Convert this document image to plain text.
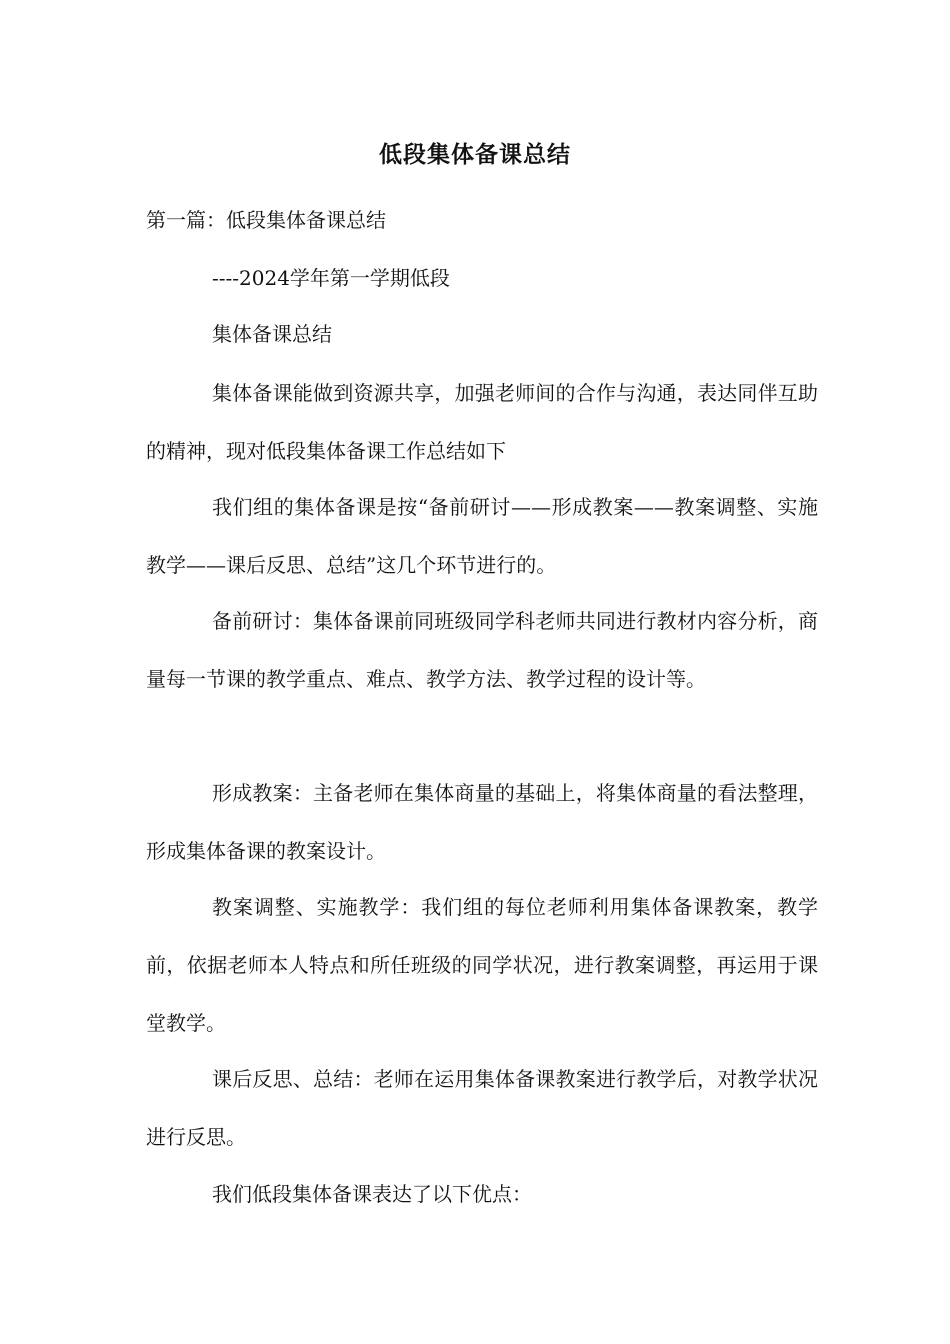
低段集体备课总结
第一篇：低段集体备课总结
----2024学年第一学期低段
集体备课总结
集体备课能做到资源共享，加强老师间的合作与沟通，表达同伴互助的精神，现对低段集体备课工作总结如下
我们组的集体备课是按“备前研讨——形成教案——教案调整、实施教学——课后反思、总结”这几个环节进行的。
备前研讨：集体备课前同班级同学科老师共同进行教材内容分析，商量每一节课的教学重点、难点、教学方法、教学过程的设计等。
形成教案：主备老师在集体商量的基础上，将集体商量的看法整理，形成集体备课的教案设计。
教案调整、实施教学：我们组的每位老师利用集体备课教案，教学前，依据老师本人特点和所任班级的同学状况，进行教案调整，再运用于课堂教学。
课后反思、总结：老师在运用集体备课教案进行教学后，对教学状况进行反思。
我们低段集体备课表达了以下优点：
